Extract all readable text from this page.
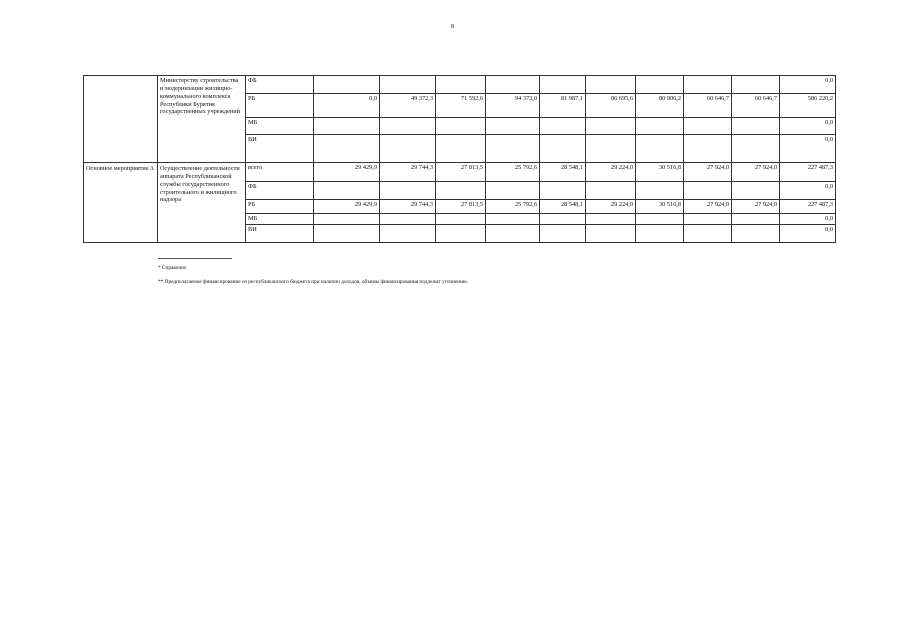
8
	Министерству строительства и модернизации жилищно-коммунального комплекса Республики Бурятия государственных учреждений	ФБ										0,0
		РБ	0,0	49 372,3	71 592,6	94 373,0	81 987,1	86 695,6	80 906,2	60 646,7	60 646,7	586 220,2
		МБ										0,0
		ВИ										0,0
Основное мероприятие 3.	Осуществление деятельности аппарата Республиканской службы государственного строительного и жилищного надзора	всего	29 429,9	29 744,3	27 813,5	25 792,6	28 548,1	29 224,0	30 516,8	27 924,0	27 924,0	227 487,3
		ФБ										0,0
		РБ	29 429,9	29 744,3	27 813,5	25 792,6	28 548,1	29 224,0	30 516,8	27 924,0	27 924,0	227 487,3
		МБ										0,0
		ВИ										0,0
* Справочно
** Предполагаемое финансирование из республиканского бюджета при наличии доходов, объемы финансирования подлежат уточнению.
